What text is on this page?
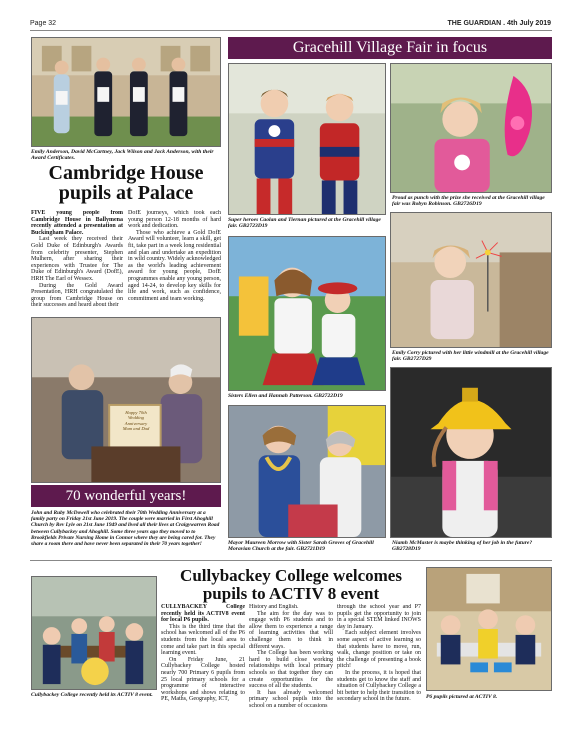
Page 32	THE GUARDIAN . 4th July 2019
Emily Anderson, David McCartney, Jack Wilson and Jack Anderson, with their Award Certificates.
Cambridge House
pupils at Palace

FIVE young people from Cambridge House in Ballymena recently attended a presentation at Buckingham Palace.

Last week they received their Gold Duke of Edinburgh's Awards from celebrity presenter, Stephen Mulhern, after sharing their experiences with Trustee for The Duke of Edinburgh's Award (DofE), HRH The Earl of Wessex.

During the Gold Award Presentation, HRH congratulated the group from Cambridge House on their successes and heard about their

DofE journeys, which took each young person 12-18 months of hard work and dedication.

Those who achieve a Gold DofE Award will volunteer, learn a skill, get fit, take part in a week long residential and plan and undertake an expedition in wild country. Widely acknowledged as the world's leading achievement award for young people, DofE programmes enable any young person, aged 14-24, to develop key skills for life and work, such as confidence, commitment and team working.

Happy 70th
Wedding
Anniversary
Mum and Dad
70 wonderful years!
John and Ruby McDowell who celebrated their 70th Wedding Anniversary at a family party on Friday 21st June 2019. The couple were married in First Ahoghill Church by Rev Lyle on 21st June 1949 and lived all their lives at Craigywarren Road between Cullybackey and Ahoghill. Some three years ago they moved to to Brookfields Private Nursing Home in Connor where they are being cared for. They share a room there and have never been separated in their 70 years together!
Gracehill Village Fair in focus
Super heroes Caolan and Tiernan pictured at the Gracehill village fair. GB2723D19
Proud as punch with the prize she received at the Gracehill village fair was Robyn Robinson. GB2726D19
Emily Corry pictured with her little windmill at the Gracehill village fair. GB2727D29
Sisters Ellen and Hannah Patterson. GB2722D19
Mayor Maureen Morrow with Sister Sarah Groves of Gracehill Moravian Church at the fair. GB2721D19
Niamh McMaster is maybe thinking of her job in the future? GB2728D19
Cullybackey College welcomes
pupils to ACTIV 8 event
Cullybackey College recently held its ACTIV 8 event.

CULLYBACKEY College recently held its ACTIV8 event for local P6 pupils.

This is the third time that the school has welcomed all of the P6 students from the local area to come and take part in this special learning event.

On Friday June, 21 Cullybackey College hosted nearly 700 Primary 6 pupils from 25 local primary schools for a programme of interactive workshops and shows relating to PE, Maths, Geography, ICT,

History and English.

The aim for the day was to engage with P6 students and to allow them to experience a range of learning activities that will challenge them to think in different ways.

The College has been working hard to build close working relationships with local primary schools so that together they can create opportunities for the success of all the students.

It has already welcomed primary school pupils into the school on a number of occasions

through the school year and P7 pupils get the opportunity to join in a special STEM linked INOWS day in January.

Each subject element involves some aspect of active learning so that students have to move, run, walk, change position or take on the challenge of presenting a book pitch!

In the process, it is hoped that students get to know the staff and situation of Cullybackey College a bit better to help their transition to secondary school in the future.	P6 pupils pictured at ACTIV 8.
